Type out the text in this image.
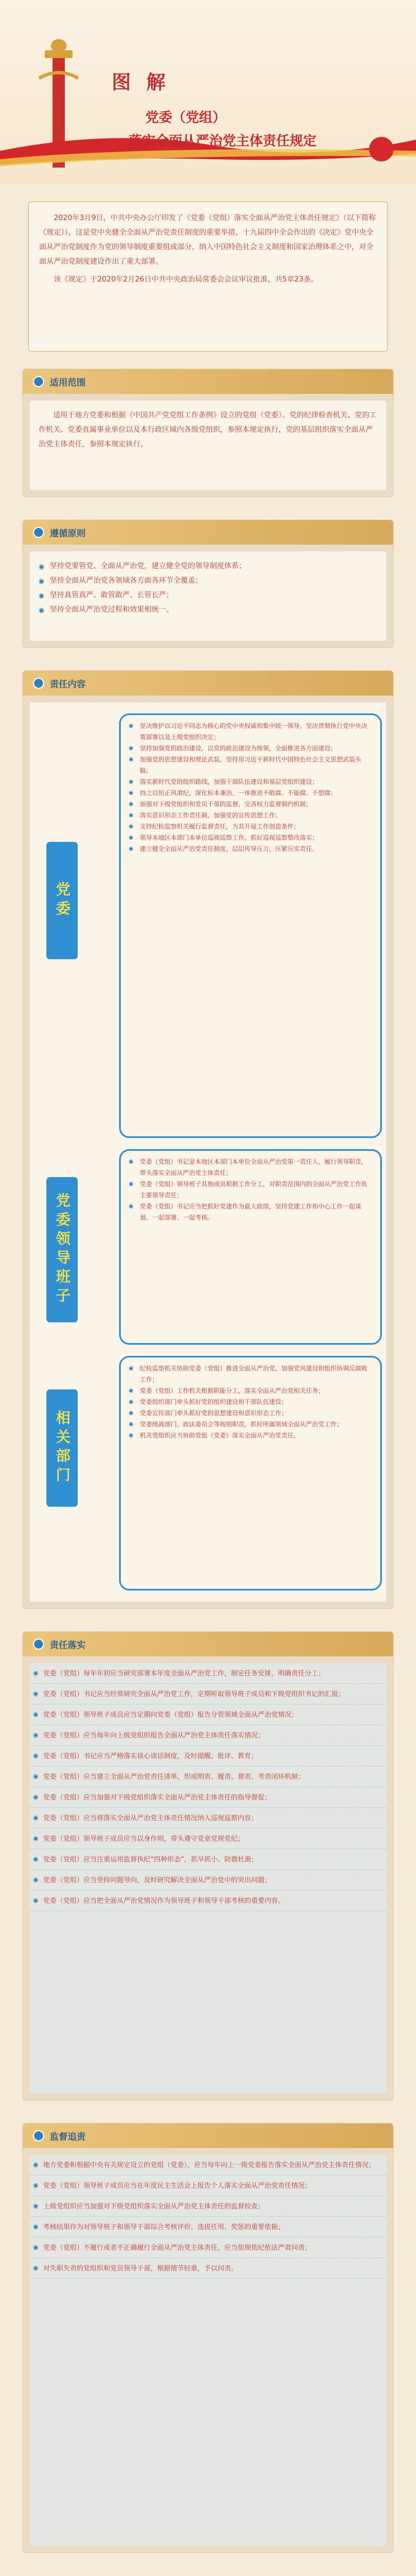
图 解
党委（党组）
落实全面从严治党主体责任规定

2020年3月9日，中共中央办公厅印发了《党委（党组）落实全面从严治党主体责任规定》（以下简称《规定》），这是党中央健全全面从严治党责任制度的重要举措，十九届四中全会作出的《决定》党中央全面从严治党制度作为党的领导制度重要组成部分，纳入中国特色社会主义制度和国家治理体系之中，对全面从严治党制度建设作出了重大部署。

该《规定》于2020年2月26日中共中央政治局常委会会议审议批准，共5章23条。

适用范围

适用于地方党委和根据《中国共产党党组工作条例》设立的党组（党委）。党的纪律检查机关、党的工作机关、党委直属事业单位以及本行政区域内各级党组织，参照本规定执行，党的基层组织落实全面从严治党主体责任，参照本规定执行。

遵循原则

◉ 坚持党要管党、全面从严治党，建立健全党的领导制度体系；

◉ 坚持全面从严治党各领域各方面各环节全覆盖；

◉ 坚持真管真严、敢管敢严、长管长严；

◉ 坚持全面从严治党过程和效果相统一。

责任内容
党委

◉ 坚决维护以习近平同志为核心的党中央权威和集中统一领导，坚决贯彻执行党中央决策部署以及上级党组织决定；

◉ 坚持加强党的政治建设，以党的政治建设为统领，全面推进各方面建设；

◉ 加强党的思想建设和理论武装，坚持用习近平新时代中国特色社会主义思想武装头脑；

◉ 落实新时代党的组织路线，加强干部队伍建设和基层党组织建设；

◉ 持之以恒正风肃纪，深化标本兼治，一体推进不敢腐、不能腐、不想腐；

◉ 加强对下级党组织和党员干部的监督，完善权力监督制约机制；

◉ 落实意识形态工作责任制，加强党的宣传思想工作；

◉ 支持纪检监察机关履行监督责任，为其开展工作创造条件；

◉ 领导本地区本部门本单位巡视巡察工作，抓好巡视巡察整改落实；

◉ 建立健全全面从严治党责任制度，层层传导压力，压紧压实责任。

党委领导班子

◉ 党委（党组）书记是本地区本部门本单位全面从严治党第一责任人，履行领导职责，带头落实全面从严治党主体责任；

◉ 党委（党组）领导班子其他成员根据工作分工，对职责范围内的全面从严治党工作负主要领导责任；

◉ 党委（党组）书记应当把抓好党建作为最大政绩，坚持党建工作和中心工作一起谋划、一起部署、一起考核。

相关部门

◉ 纪检监察机关协助党委（党组）推进全面从严治党、加强党风建设和组织协调反腐败工作；

◉ 党委（党组）工作机关根据职能分工，落实全面从严治党相关任务；

◉ 党委组织部门牵头抓好党的组织建设和干部队伍建设；

◉ 党委宣传部门牵头抓好党的思想建设和意识形态工作；

◉ 党委统战部门、政法委员会等按照职责，抓好所属领域全面从严治党工作；

◉ 机关党组织应当协助党组（党委）落实全面从严治党责任。

责任落实
◉ 党委（党组）每年年初应当研究部署本年度全面从严治党工作，制定任务安排，明确责任分工；
◉ 党委（党组）书记应当经常研究全面从严治党工作，定期听取领导班子成员和下级党组织书记的汇报；
◉ 党委（党组）领导班子成员应当定期向党委（党组）报告分管领域全面从严治党情况；
◉ 党委（党组）应当每年向上级党组织报告全面从严治党主体责任落实情况；
◉ 党委（党组）书记应当严格落实谈心谈话制度，及时提醒、批评、教育；
◉ 党委（党组）应当建立全面从严治党责任清单，形成明责、履责、督责、考责闭环机制；
◉ 党委（党组）应当加强对下级党组织落实全面从严治党主体责任的指导督促；
◉ 党委（党组）应当将落实全面从严治党主体责任情况纳入巡视巡察内容；
◉ 党委（党组）领导班子成员应当以身作则，带头遵守党章党规党纪；
◉ 党委（党组）应当注重运用监督执纪“四种形态”，抓早抓小、防微杜渐；
◉ 党委（党组）应当坚持问题导向，及时研究解决全面从严治党中的突出问题；
◉ 党委（党组）应当把全面从严治党情况作为领导班子和领导干部考核的重要内容。
监督追责
◉ 地方党委和根据中央有关规定设立的党组（党委），应当每年向上一级党委报告落实全面从严治党主体责任情况；
◉ 党委（党组）领导班子成员应当在年度民主生活会上报告个人落实全面从严治党责任情况；
◉ 上级党组织应当加强对下级党组织落实全面从严治党主体责任的监督检查；
◉ 考核结果作为对领导班子和领导干部综合考核评价、选拔任用、奖惩的重要依据；
◉ 党委（党组）不履行或者不正确履行全面从严治党主体责任，应当依规依纪依法严肃问责；
◉ 对失职失责的党组织和党员领导干部，根据情节轻重，予以问责。
